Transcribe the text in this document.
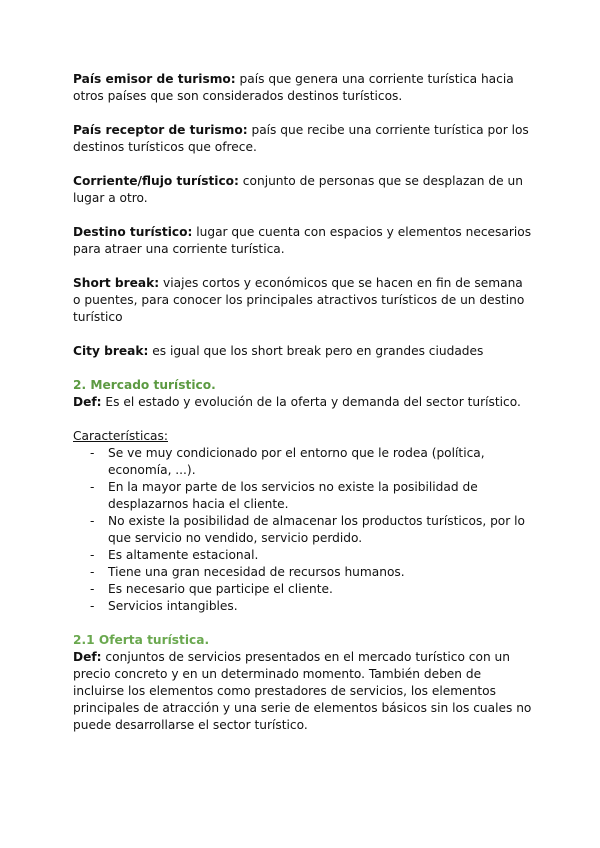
País emisor de turismo: país que genera una corriente turística hacia otros países que son considerados destinos turísticos.

País receptor de turismo: país que recibe una corriente turística por los destinos turísticos que ofrece.

Corriente/flujo turístico: conjunto de personas que se desplazan de un lugar a otro.

Destino turístico: lugar que cuenta con espacios y elementos necesarios para atraer una corriente turística.

Short break: viajes cortos y económicos que se hacen en fin de semana o puentes, para conocer los principales atractivos turísticos de un destino turístico

City break: es igual que los short break pero en grandes ciudades

2. Mercado turístico.

Def: Es el estado y evolución de la oferta y demanda del sector turístico.

Características:

- Se ve muy condicionado por el entorno que le rodea (política, economía, ...).
- En la mayor parte de los servicios no existe la posibilidad de desplazarnos hacia el cliente.
- No existe la posibilidad de almacenar los productos turísticos, por lo que servicio no vendido, servicio perdido.
- Es altamente estacional.
- Tiene una gran necesidad de recursos humanos.
- Es necesario que participe el cliente.
- Servicios intangibles.

2.1 Oferta turística.

Def: conjuntos de servicios presentados en el mercado turístico con un precio concreto y en un determinado momento. También deben de incluirse los elementos como prestadores de servicios, los elementos principales de atracción y una serie de elementos básicos sin los cuales no puede desarrollarse el sector turístico.
